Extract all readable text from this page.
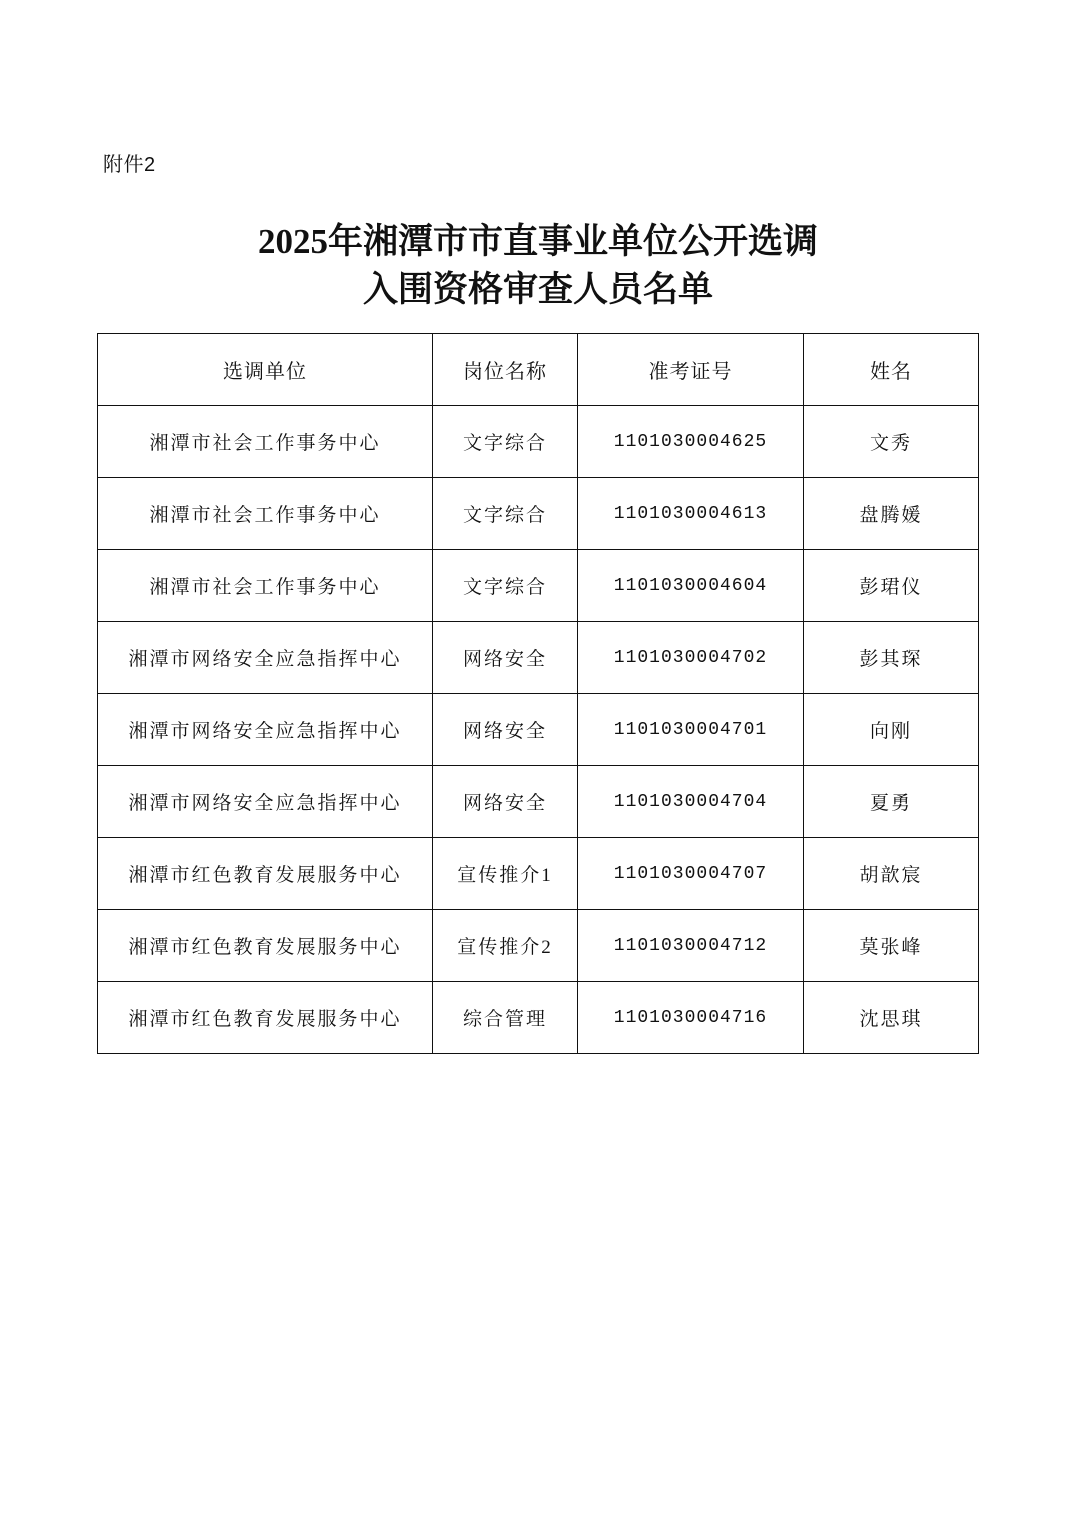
附件2
2025年湘潭市市直事业单位公开选调
入围资格审查人员名单
选调单位	岗位名称	准考证号	姓名
湘潭市社会工作事务中心	文字综合	1101030004625	文秀
湘潭市社会工作事务中心	文字综合	1101030004613	盘腾媛
湘潭市社会工作事务中心	文字综合	1101030004604	彭珺仪
湘潭市网络安全应急指挥中心	网络安全	1101030004702	彭其琛
湘潭市网络安全应急指挥中心	网络安全	1101030004701	向刚
湘潭市网络安全应急指挥中心	网络安全	1101030004704	夏勇
湘潭市红色教育发展服务中心	宣传推介1	1101030004707	胡歆宸
湘潭市红色教育发展服务中心	宣传推介2	1101030004712	莫张峰
湘潭市红色教育发展服务中心	综合管理	1101030004716	沈思琪
